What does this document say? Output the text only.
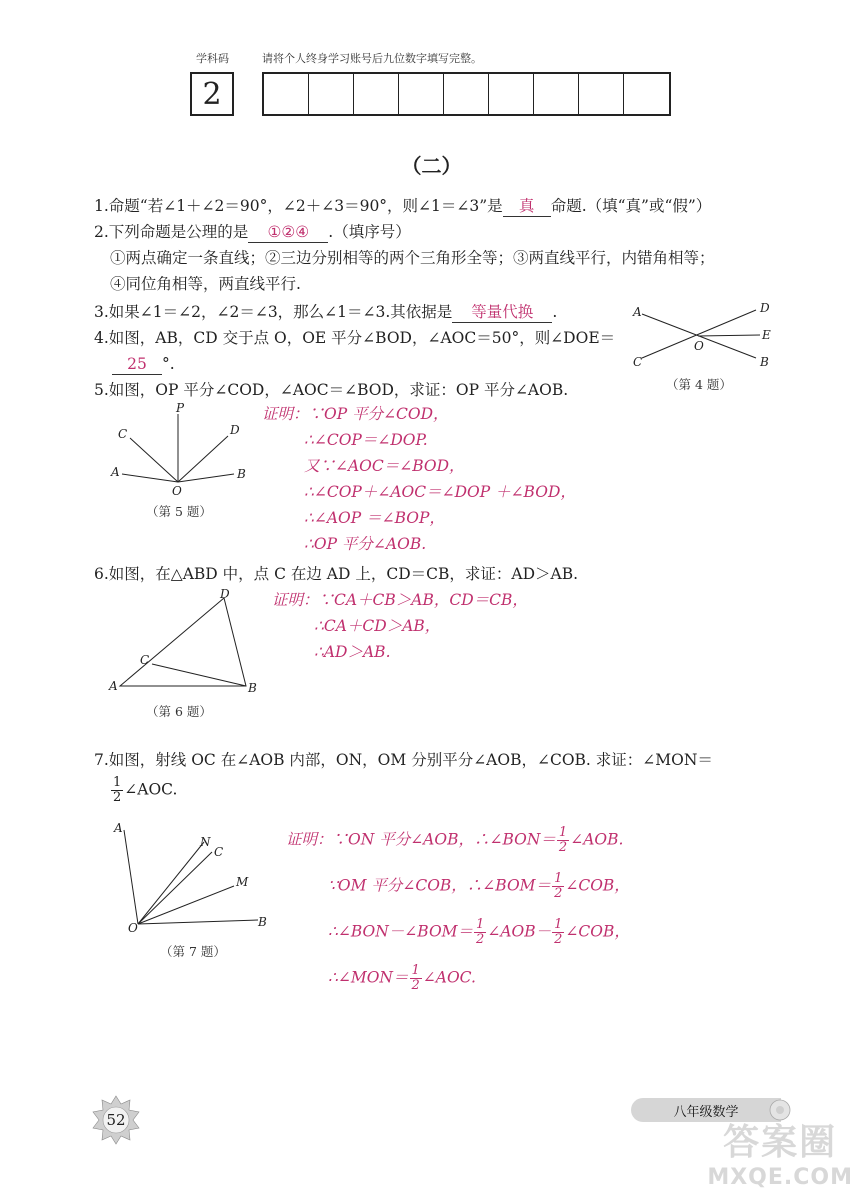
学科码	请将个人终身学习账号后九位数字填写完整。
2
（二）
1.命题“若∠1＋∠2＝90°，∠2＋∠3＝90°，则∠1＝∠3”是 真 命题.（填“真”或“假”）
2.下列命题是公理的是 ①②④ .（填序号）
①两点确定一条直线；②三边分别相等的两个三角形全等；③两直线平行，内错角相等；
④同位角相等，两直线平行.
3.如果∠1＝∠2，∠2＝∠3，那么∠1＝∠3.其依据是 等量代换 .
4.如图，AB，CD 交于点 O，OE 平分∠BOD，∠AOC＝50°，则∠DOE＝
25 °.
A	D
E
O
C	B
（第 4 题）
5.如图，OP 平分∠COD，∠AOC＝∠BOD，求证：OP 平分∠AOB.
P
C	D
A	B
O
（第 5 题）
证明：∵OP 平分∠COD，
∴∠COP＝∠DOP.
又∵∠AOC＝∠BOD，
∴∠COP＋∠AOC＝∠DOP ＋∠BOD，
∴∠AOP ＝∠BOP，
∴OP 平分∠AOB.
6.如图，在△ABD 中，点 C 在边 AD 上，CD＝CB，求证：AD＞AB.
D
C
A	B
（第 6 题）
证明：∵CA＋CB＞AB，CD＝CB，
∴CA＋CD＞AB，
∴AD＞AB.
7.如图，射线 OC 在∠AOB 内部，ON，OM 分别平分∠AOB，∠COB. 求证：∠MON＝
$\frac{1}{2}$ ∠AOC.
A
N
C
M
O	B
（第 7 题）
证明：∵ON 平分∠AOB，∴∠BON＝ $\frac{1}{2}$ ∠AOB.
∵OM 平分∠COB，∴∠BOM＝ $\frac{1}{2}$ ∠COB，
∴∠BON－∠BOM＝ $\frac{1}{2}$ ∠AOB－ $\frac{1}{2}$ ∠COB，
∴∠MON＝ $\frac{1}{2}$ ∠AOC.
52	八年级数学
答案圈
MXQE.COM
